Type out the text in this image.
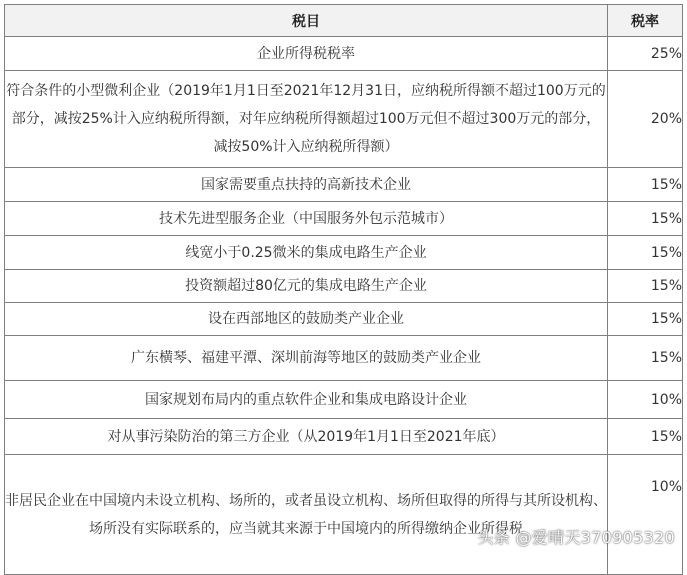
税目	税率
企业所得税税率	25%
符合条件的小型微利企业（2019年1月1日至2021年12月31日，应纳税所得额不超过100万元的部分，减按25%计入应纳税所得额，对年应纳税所得额超过100万元但不超过300万元的部分，减按50%计入应纳税所得额）	20%
国家需要重点扶持的高新技术企业	15%
技术先进型服务企业（中国服务外包示范城市）	15%
线宽小于0.25微米的集成电路生产企业	15%
投资额超过80亿元的集成电路生产企业	15%
设在西部地区的鼓励类产业企业	15%
广东横琴、福建平潭、深圳前海等地区的鼓励类产业企业	15%
国家规划布局内的重点软件企业和集成电路设计企业	10%
对从事污染防治的第三方企业（从2019年1月1日至2021年底）	15%
非居民企业在中国境内未设立机构、场所的，或者虽设立机构、场所但取得的所得与其所设机构、场所没有实际联系的，应当就其来源于中国境内的所得缴纳企业所得税	10%
头条 @爱晴天370905320
